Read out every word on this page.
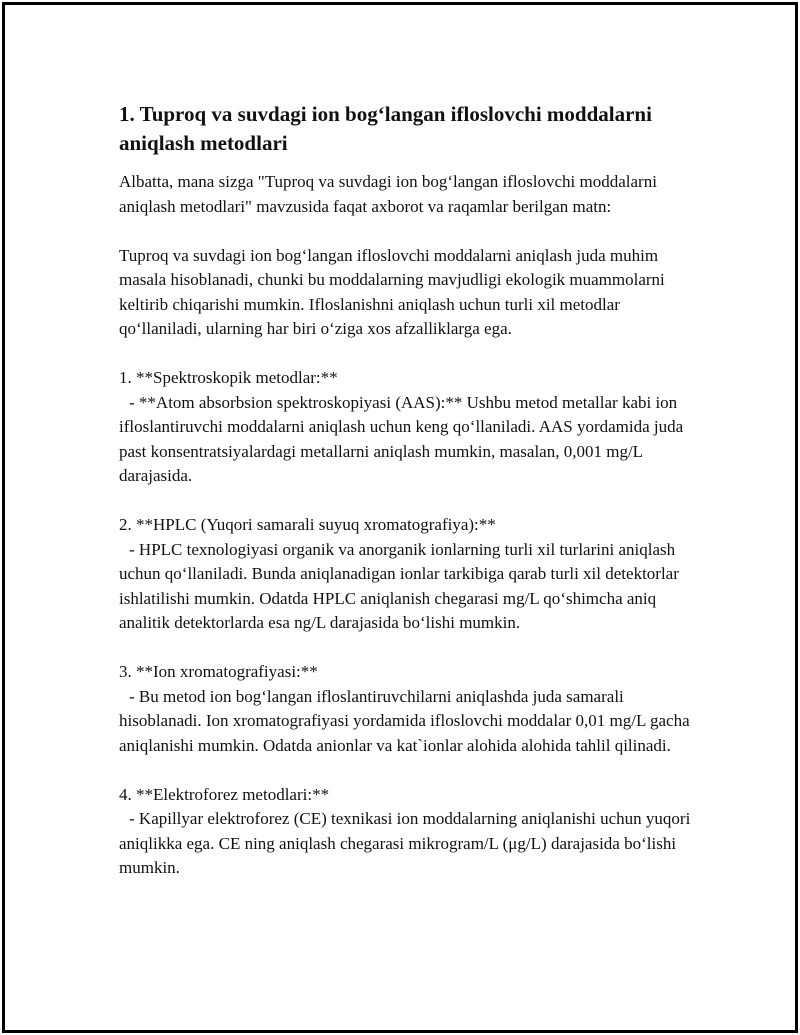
1. Tuproq va suvdagi ion bog‘langan ifloslovchi moddalarni aniqlash metodlari

Albatta, mana sizga "Tuproq va suvdagi ion bog‘langan ifloslovchi moddalarni aniqlash metodlari" mavzusida faqat axborot va raqamlar berilgan matn:

Tuproq va suvdagi ion bog‘langan ifloslovchi moddalarni aniqlash juda muhim masala hisoblanadi, chunki bu moddalarning mavjudligi ekologik muammolarni keltirib chiqarishi mumkin. Ifloslanishni aniqlash uchun turli xil metodlar qo‘llaniladi, ularning har biri o‘ziga xos afzalliklarga ega.

1. **Spektroskopik metodlar:**

- **Atom absorbsion spektroskopiyasi (AAS):** Ushbu metod metallar kabi ion ifloslantiruvchi moddalarni aniqlash uchun keng qo‘llaniladi. AAS yordamida juda past konsentratsiyalardagi metallarni aniqlash mumkin, masalan, 0,001 mg/L darajasida.

2. **HPLC (Yuqori samarali suyuq xromatografiya):**

- HPLC texnologiyasi organik va anorganik ionlarning turli xil turlarini aniqlash uchun qo‘llaniladi. Bunda aniqlanadigan ionlar tarkibiga qarab turli xil detektorlar ishlatilishi mumkin. Odatda HPLC aniqlanish chegarasi mg/L qo‘shimcha aniq analitik detektorlarda esa ng/L darajasida bo‘lishi mumkin.

3. **Ion xromatografiyasi:**

- Bu metod ion bog‘langan ifloslantiruvchilarni aniqlashda juda samarali hisoblanadi. Ion xromatografiyasi yordamida ifloslovchi moddalar 0,01 mg/L gacha aniqlanishi mumkin. Odatda anionlar va kat`ionlar alohida alohida tahlil qilinadi.

4. **Elektroforez metodlari:**

- Kapillyar elektroforez (CE) texnikasi ion moddalarning aniqlanishi uchun yuqori aniqlikka ega. CE ning aniqlash chegarasi mikrogram/L (μg/L) darajasida bo‘lishi mumkin.
